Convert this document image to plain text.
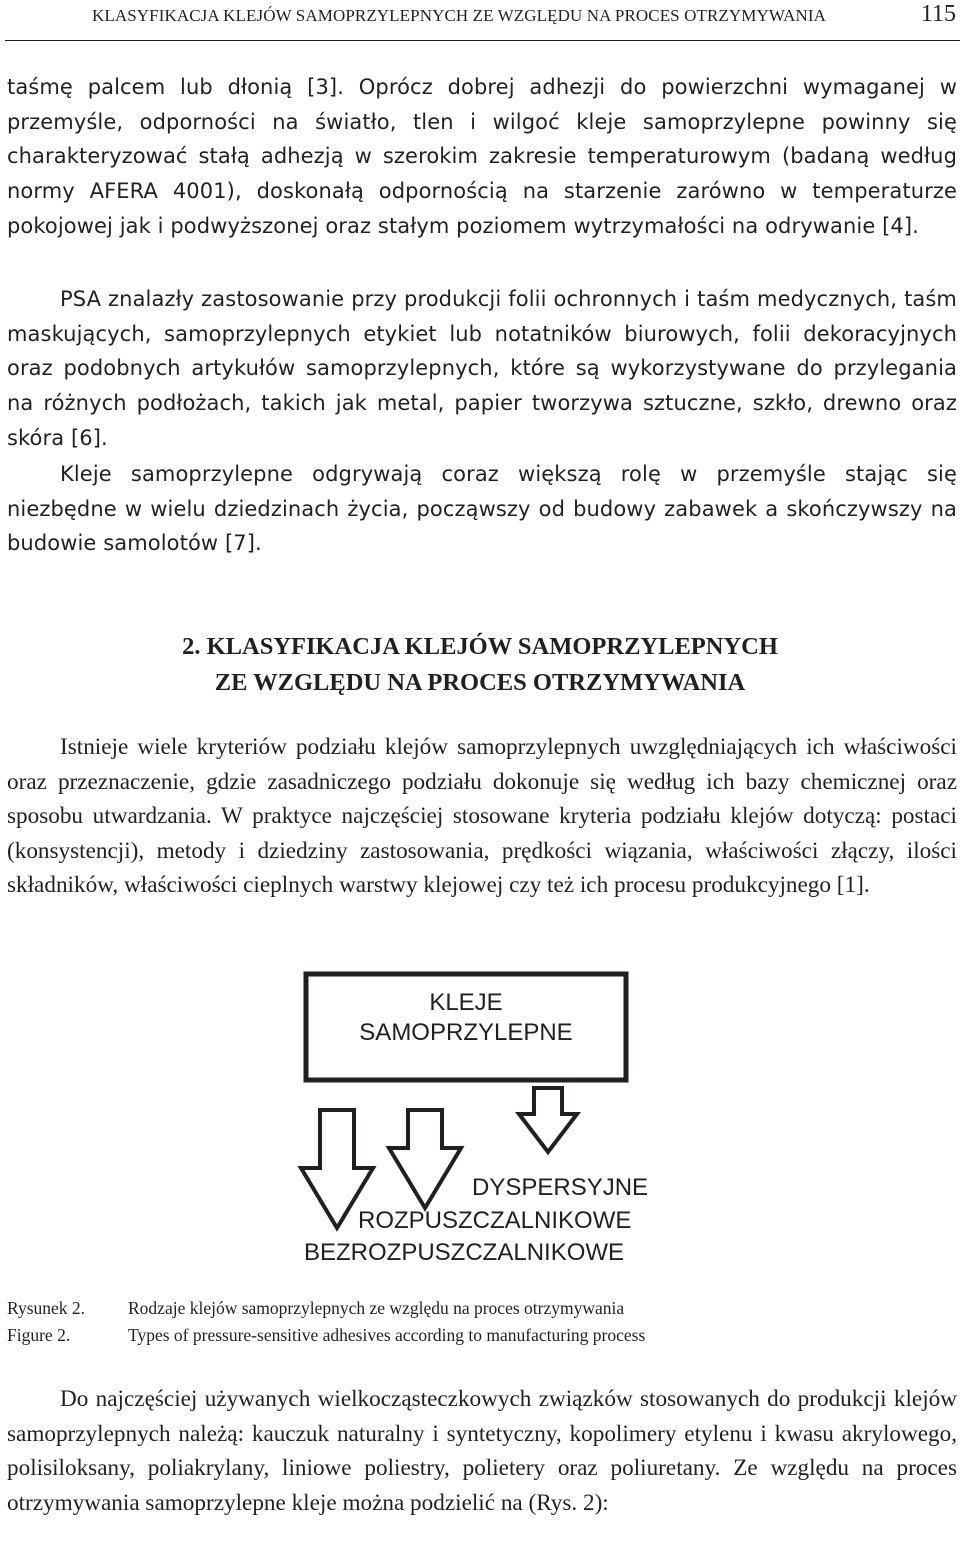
KLASYFIKACJA KLEJÓW SAMOPRZYLEPNYCH ZE WZGLĘDU NA PROCES OTRZYMYWANIA	115

taśmę palcem lub dłonią [3]. Oprócz dobrej adhezji do powierzchni wymaganej w przemyśle, odporności na światło, tlen i wilgoć kleje samoprzylepne powinny się charakteryzować stałą adhezją w szerokim zakresie temperaturowym (badaną według normy AFERA 4001), doskonałą odpornością na starzenie zarówno w temperaturze pokojowej jak i podwyższonej oraz stałym poziomem wytrzymałości na odrywanie [4].

PSA znalazły zastosowanie przy produkcji folii ochronnych i taśm medycznych, taśm maskujących, samoprzylepnych etykiet lub notatników biurowych, folii dekoracyjnych oraz podobnych artykułów samoprzylepnych, które są wykorzystywane do przylegania na różnych podłożach, takich jak metal, papier tworzywa sztuczne, szkło, drewno oraz skóra [6].

Kleje samoprzylepne odgrywają coraz większą rolę w przemyśle stając się niezbędne w wielu dziedzinach życia, począwszy od budowy zabawek a skończywszy na budowie samolotów [7].

2. KLASYFIKACJA KLEJÓW SAMOPRZYLEPNYCH
ZE WZGLĘDU NA PROCES OTRZYMYWANIA

Istnieje wiele kryteriów podziału klejów samoprzylepnych uwzględniających ich właściwości oraz przeznaczenie, gdzie zasadniczego podziału dokonuje się według ich bazy chemicznej oraz sposobu utwardzania. W praktyce najczęściej stosowane kryteria podziału klejów dotyczą: postaci (konsystencji), metody i dziedziny zastosowania, prędkości wiązania, właściwości złączy, ilości składników, właściwości cieplnych warstwy klejowej czy też ich procesu produkcyjnego [1].

KLEJE
SAMOPRZYLEPNE
DYSPERSYJNE
ROZPUSZCZALNIKOWE
BEZROZPUSZCZALNIKOWE
Rysunek 2. Rodzaje klejów samoprzylepnych ze względu na proces otrzymywania
Figure 2.	Types of pressure-sensitive adhesives according to manufacturing process

Do najczęściej używanych wielkocząsteczkowych związków stosowanych do produkcji klejów samoprzylepnych należą: kauczuk naturalny i syntetyczny, kopolimery etylenu i kwasu akrylowego, polisiloksany, poliakrylany, liniowe poliestry, polietery oraz poliuretany. Ze względu na proces otrzymywania samoprzylepne kleje można podzielić na (Rys. 2):
